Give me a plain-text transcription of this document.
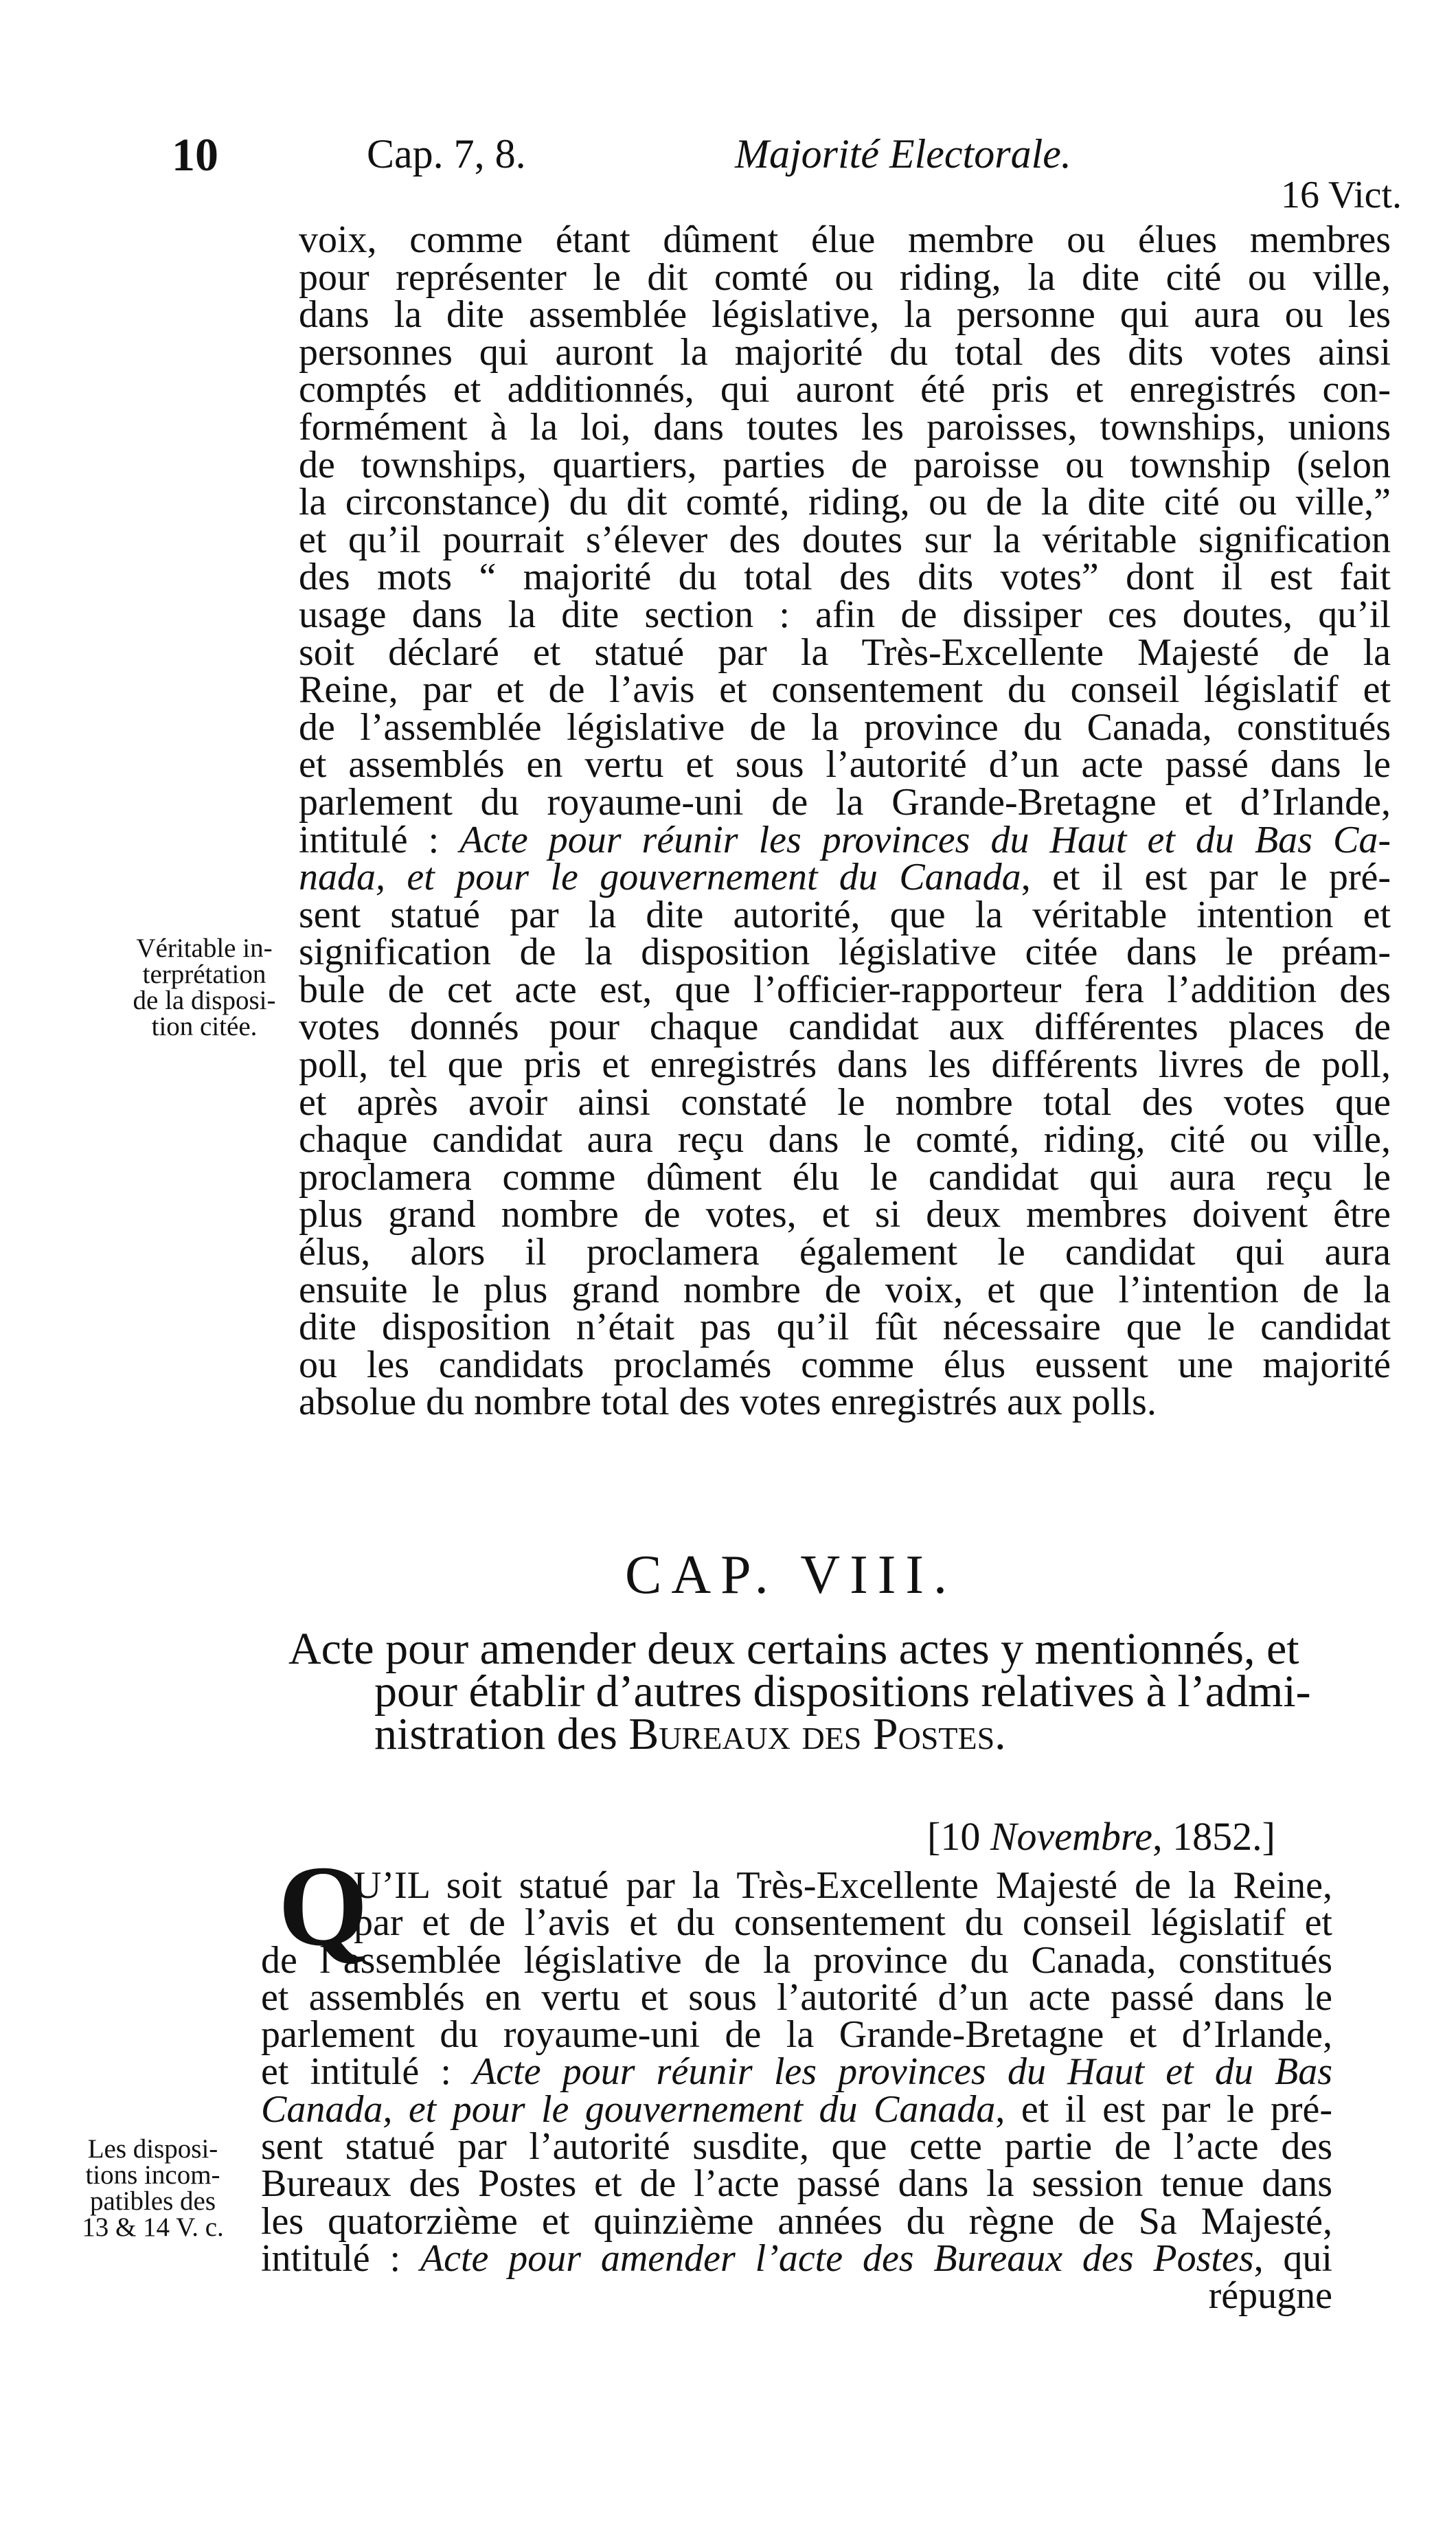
10	Cap. 7, 8.	Majorité Electorale.
16 Vict.

voix, comme étant dûment élue membre ou élues membres

pour représenter le dit comté ou riding, la dite cité ou ville,

dans la dite assemblée législative, la personne qui aura ou les

personnes qui auront la majorité du total des dits votes ainsi

comptés et additionnés, qui auront été pris et enregistrés con-

formément à la loi, dans toutes les paroisses, townships, unions

de townships, quartiers, parties de paroisse ou township (selon

la circonstance) du dit comté, riding, ou de la dite cité ou ville,”

et qu’il pourrait s’élever des doutes sur la véritable signification

des mots “ majorité du total des dits votes” dont il est fait

usage dans la dite section : afin de dissiper ces doutes, qu’il

soit déclaré et statué par la Très-Excellente Majesté de la

Reine, par et de l’avis et consentement du conseil législatif et

de l’assemblée législative de la province du Canada, constitués

et assemblés en vertu et sous l’autorité d’un acte passé dans le

parlement du royaume-uni de la Grande-Bretagne et d’Irlande,

intitulé : Acte pour réunir les provinces du Haut et du Bas Ca-

nada, et pour le gouvernement du Canada, et il est par le pré-

sent statué par la dite autorité, que la véritable intention et

signification de la disposition législative citée dans le préam-

bule de cet acte est, que l’officier-rapporteur fera l’addition des

votes donnés pour chaque candidat aux différentes places de

poll, tel que pris et enregistrés dans les différents livres de poll,

et après avoir ainsi constaté le nombre total des votes que

chaque candidat aura reçu dans le comté, riding, cité ou ville,

proclamera comme dûment élu le candidat qui aura reçu le

plus grand nombre de votes, et si deux membres doivent être

élus, alors il proclamera également le candidat qui aura

ensuite le plus grand nombre de voix, et que l’intention de la

dite disposition n’était pas qu’il fût nécessaire que le candidat

ou les candidats proclamés comme élus eussent une majorité

absolue du nombre total des votes enregistrés aux polls.

Véritable in-
terprétation
de la disposi-
tion citée.
CAP. VIII.
Acte pour amender deux certains actes y mentionnés, et
pour établir d’autres dispositions relatives à l’admi-
nistration des Bureaux des Postes.
[10 Novembre, 1852.]
Q

U’IL soit statué par la Très-Excellente Majesté de la Reine,

par et de l’avis et du consentement du conseil législatif et

de l’assemblée législative de la province du Canada, constitués

et assemblés en vertu et sous l’autorité d’un acte passé dans le

parlement du royaume-uni de la Grande-Bretagne et d’Irlande,

et intitulé : Acte pour réunir les provinces du Haut et du Bas

Canada, et pour le gouvernement du Canada, et il est par le pré-

sent statué par l’autorité susdite, que cette partie de l’acte des

Bureaux des Postes et de l’acte passé dans la session tenue dans

les quatorzième et quinzième années du règne de Sa Majesté,

intitulé : Acte pour amender l’acte des Bureaux des Postes, qui

répugne

Les disposi-
tions incom-
patibles des
13 & 14 V. c.
